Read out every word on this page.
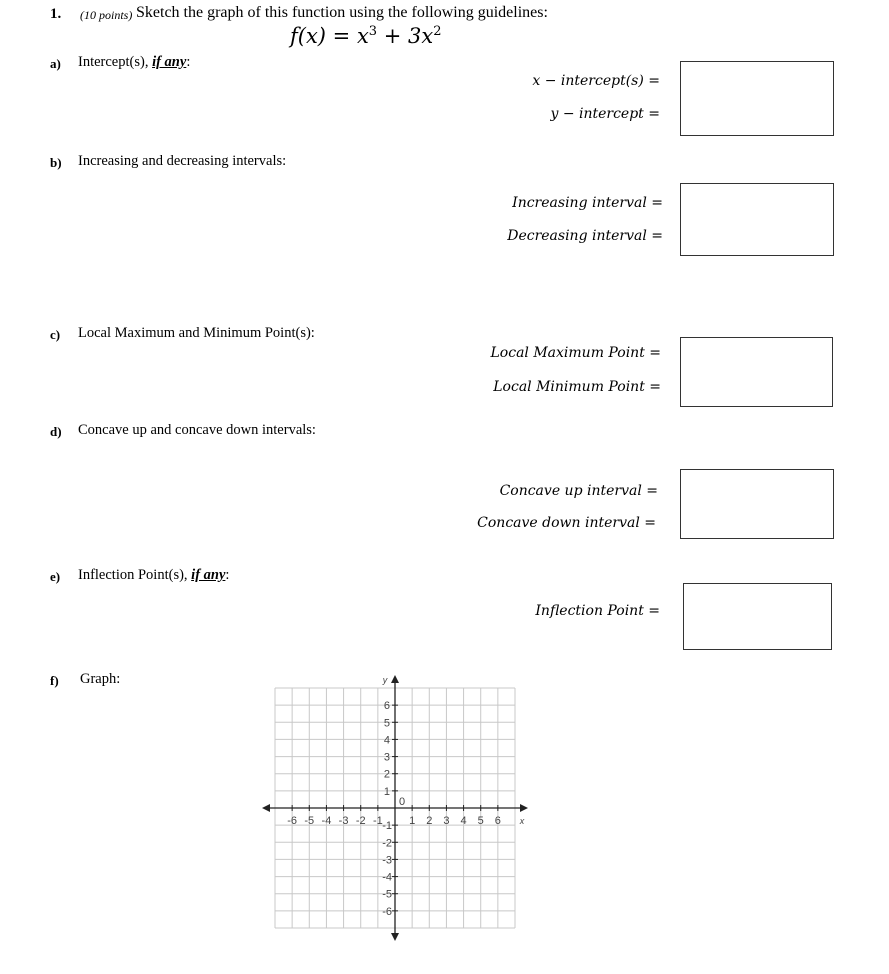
1. (10 points) Sketch the graph of this function using the following guidelines:
$f(x) = x^3 + 3x^2$
a) Intercept(s), if any:
x − intercept(s) =
y − intercept =
b) Increasing and decreasing intervals:
Increasing interval =
Decreasing interval =
c) Local Maximum and Minimum Point(s):
Local Maximum Point =
Local Minimum Point =
d) Concave up and concave down intervals:
Concave up interval =
Concave down interval =
e) Inflection Point(s), if any:
Inflection Point =
f) Graph:
-6 -5 -4 -3 -2 -1 1 2 3 4 5 6
6
5
4
3
2
1
-1
-2
-3
-4
-5
-6
0
x
y
